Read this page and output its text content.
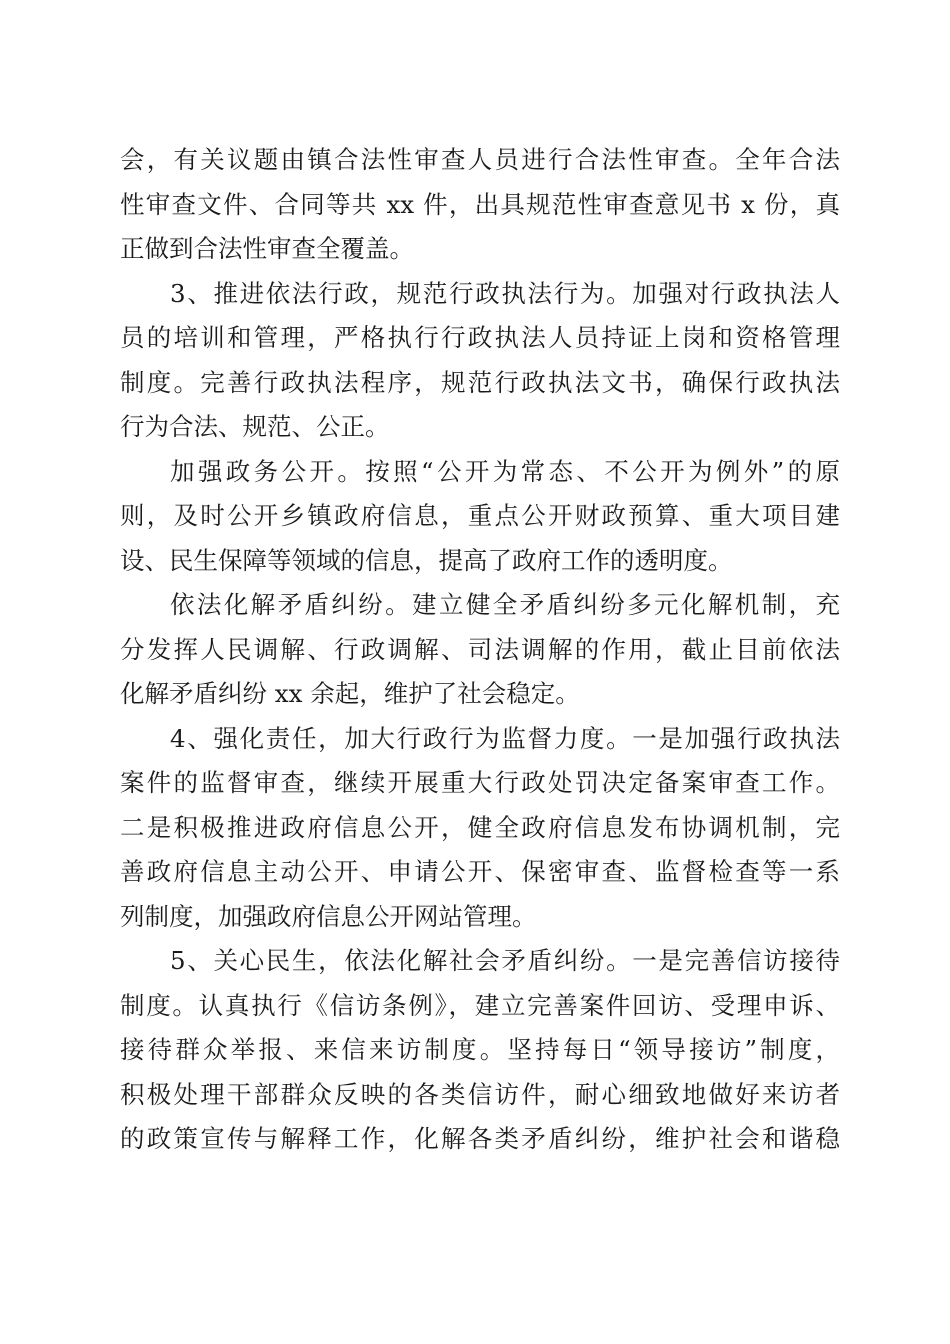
会，有关议题由镇合法性审查人员进行合法性审查。全年合法
性审查文件、合同等共 xx 件，出具规范性审查意见书 x 份，真
正做到合法性审查全覆盖。
3、推进依法行政，规范行政执法行为。加强对行政执法人
员的培训和管理，严格执行行政执法人员持证上岗和资格管理
制度。完善行政执法程序，规范行政执法文书，确保行政执法
行为合法、规范、公正。
加强政务公开。按照“公开为常态、不公开为例外”的原
则，及时公开乡镇政府信息，重点公开财政预算、重大项目建
设、民生保障等领域的信息，提高了政府工作的透明度。
依法化解矛盾纠纷。建立健全矛盾纠纷多元化解机制，充
分发挥人民调解、行政调解、司法调解的作用，截止目前依法
化解矛盾纠纷 xx 余起，维护了社会稳定。
4、强化责任，加大行政行为监督力度。一是加强行政执法
案件的监督审查，继续开展重大行政处罚决定备案审查工作。
二是积极推进政府信息公开，健全政府信息发布协调机制，完
善政府信息主动公开、申请公开、保密审查、监督检查等一系
列制度，加强政府信息公开网站管理。
5、关心民生，依法化解社会矛盾纠纷。一是完善信访接待
制度。认真执行《信访条例》，建立完善案件回访、受理申诉、
接待群众举报、来信来访制度。坚持每日“领导接访”制度，
积极处理干部群众反映的各类信访件，耐心细致地做好来访者
的政策宣传与解释工作，化解各类矛盾纠纷，维护社会和谐稳
